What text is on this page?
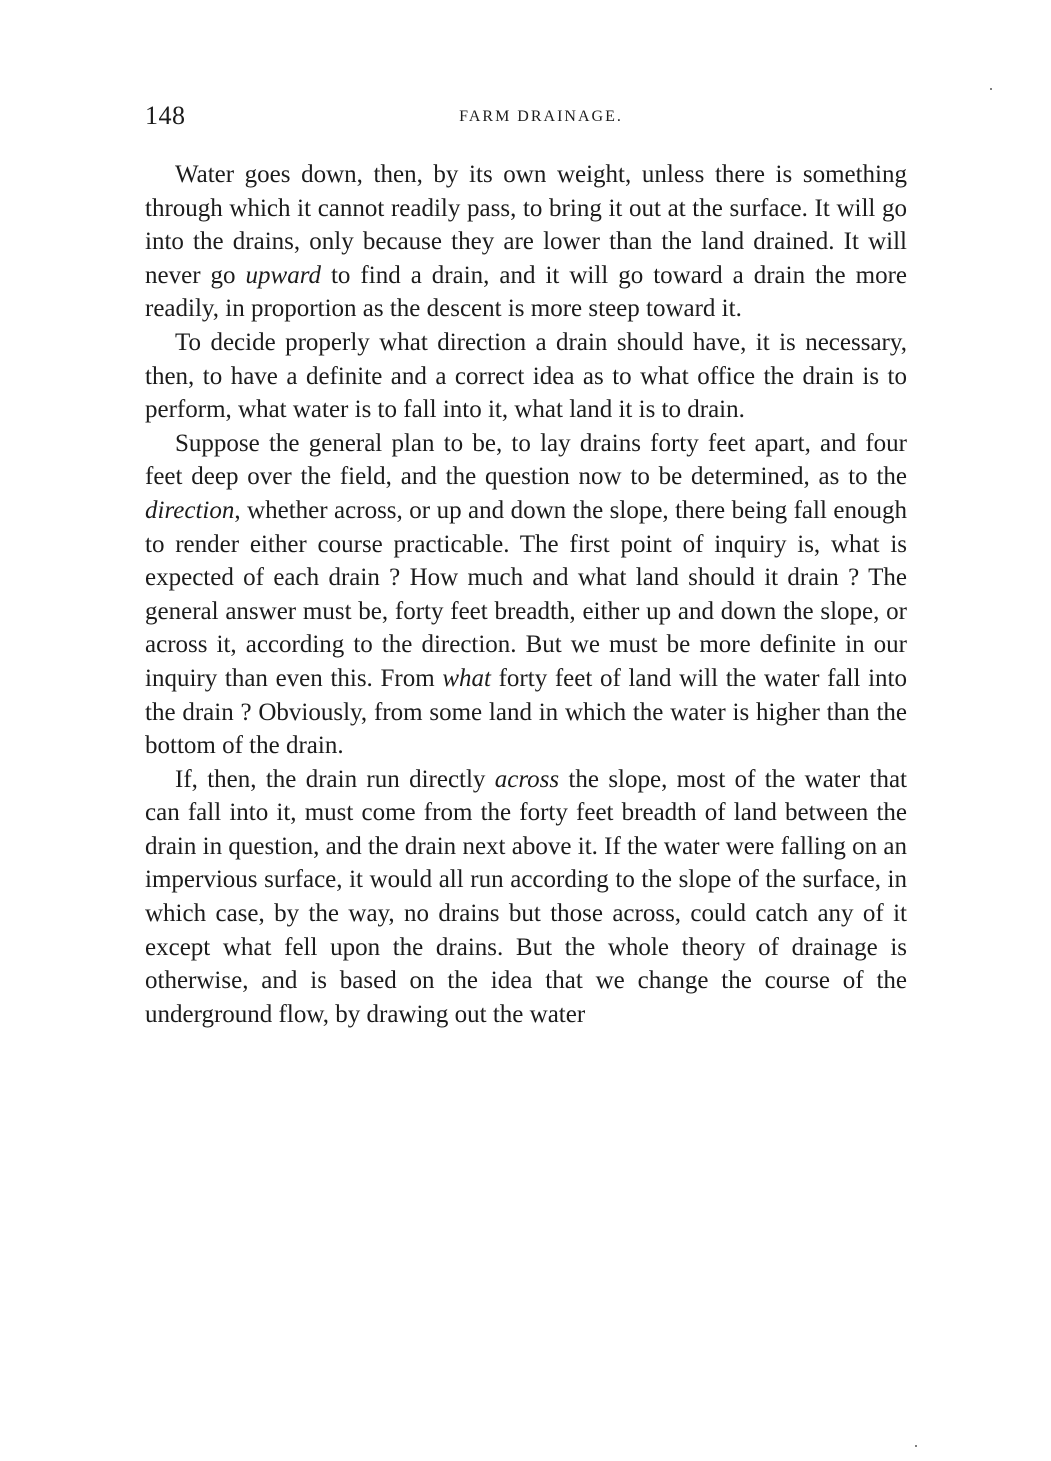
148	FARM DRAINAGE.

Water goes down, then, by its own weight, unless there is something through which it cannot readily pass, to bring it out at the surface. It will go into the drains, only because they are lower than the land drained. It will never go upward to find a drain, and it will go toward a drain the more readily, in proportion as the descent is more steep toward it.

To decide properly what direction a drain should have, it is necessary, then, to have a definite and a correct idea as to what office the drain is to perform, what water is to fall into it, what land it is to drain.

Suppose the general plan to be, to lay drains forty feet apart, and four feet deep over the field, and the question now to be determined, as to the direction, whether across, or up and down the slope, there being fall enough to render either course practicable. The first point of inquiry is, what is expected of each drain ? How much and what land should it drain ? The general answer must be, forty feet breadth, either up and down the slope, or across it, according to the direction. But we must be more definite in our inquiry than even this. From what forty feet of land will the water fall into the drain ? Obviously, from some land in which the water is higher than the bottom of the drain.

If, then, the drain run directly across the slope, most of the water that can fall into it, must come from the forty feet breadth of land between the drain in question, and the drain next above it. If the water were falling on an impervious surface, it would all run according to the slope of the surface, in which case, by the way, no drains but those across, could catch any of it except what fell upon the drains. But the whole theory of drainage is otherwise, and is based on the idea that we change the course of the underground flow, by drawing out the water
